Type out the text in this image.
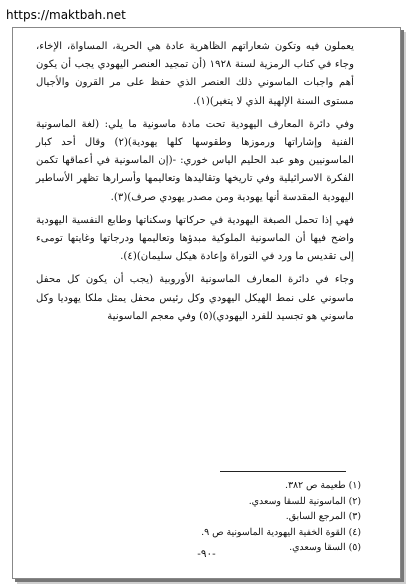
https://maktbah.net

يعملون فيه وتكون شعاراتهم الظاهرية عادة هي الحرية، المساواة، الإخاء، وجاء في كتاب الرمزية لسنة ١٩٢٨ (أن تمجيد العنصر اليهودي يجب أن يكون أهم واجبات الماسوني ذلك العنصر الذي حفظ على مر القرون والأجيال مستوى السنة الإلهية الذي لا يتغير)(١).

وفي دائرة المعارف اليهودية تحت مادة ماسونية ما يلي: (لغة الماسونية الفنية وإشاراتها ورموزها وطقوسها كلها يهودية)(٢) وقال أحد كبار الماسونيين وهو عبد الحليم الياس خوري: -(إن الماسونية في أعماقها تكمن الفكرة الاسرائيلية وفي تاريخها وتقاليدها وتعاليمها وأسرارها تظهر الأساطير اليهودية المقدسة أنها يهودية ومن مصدر يهودي صرف)(٣).

فهي إذا تحمل الصبغة اليهودية في حركاتها وسكناتها وطابع النفسية اليهودية واضح فيها أن الماسونية الملوكية مبدؤها وتعاليمها ودرجاتها وغايتها تومىء إلى تقديس ما ورد في التوراة وإعادة هيكل سليمان)(٤).

وجاء في دائرة المعارف الماسونية الأوروبية (يجب أن يكون كل محفل ماسوني على نمط الهيكل اليهودي وكل رئيس محفل يمثل ملكا يهوديا وكل ماسوني هو تجسيد للفرد اليهودي)(٥) وفي معجم الماسونية

(١) طعيمة ص ٣٨٢.
(٢) الماسونية للسقا وسعدي.
(٣) المرجع السابق.
(٤) القوة الخفية اليهودية الماسونية ص ٩.
(٥) السقا وسعدي.
-٩٠-
